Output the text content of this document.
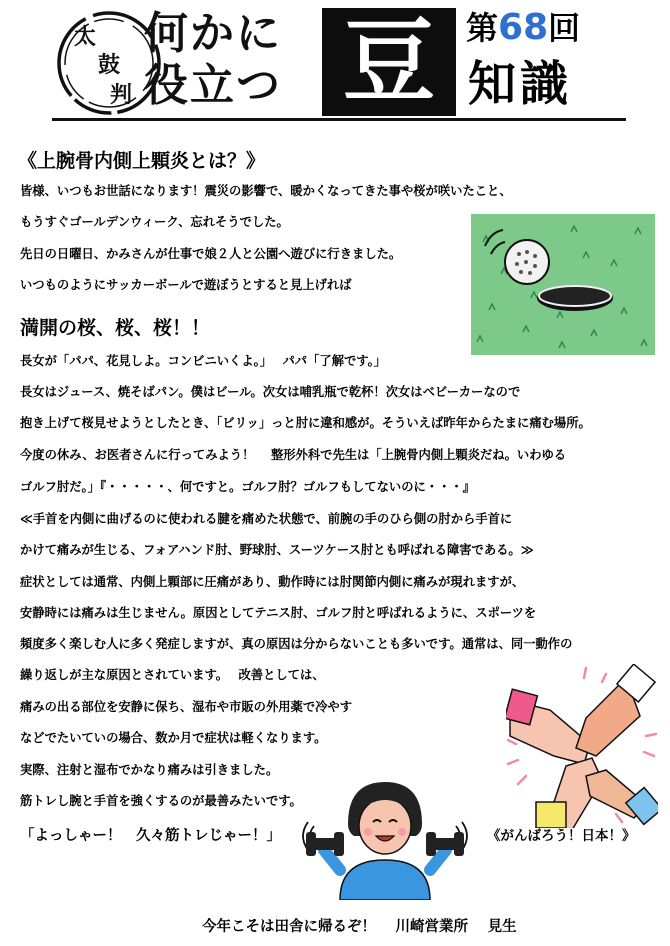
太
鼓
判
何かに
役立つ 豆 第68回
知識
《上腕骨内側上顆炎とは？》
皆様、いつもお世話になります！震災の影響で、暖かくなってきた事や桜が咲いたこと、
もうすぐゴールデンウィーク、忘れそうでした。
先日の日曜日、かみさんが仕事で娘２人と公園へ遊びに行きました。
いつものようにサッカーボールで遊ぼうとすると見上げれば
満開の桜、桜、桜！！
長女が「パパ、花見しよ。コンビニいくよ。」　 パパ「了解です。」
長女はジュース、焼そばパン。僕はビール。次女は哺乳瓶で乾杯！次女はベビーカーなので
抱き上げて桜見せようとしたとき、「ビリッ」っと肘に違和感が。そういえば昨年からたまに痛む場所。
今度の休み、お医者さんに行ってみよう！　 整形外科で先生は「上腕骨内側上顆炎だね。いわゆる
ゴルフ肘だ。」『・・・・・、何ですと。ゴルフ肘？ゴルフもしてないのに・・・』
≪手首を内側に曲げるのに使われる腱を痛めた状態で、前腕の手のひら側の肘から手首に
かけて痛みが生じる、フォアハンド肘、野球肘、スーツケース肘とも呼ばれる障害である。≫
症状としては通常、内側上顆部に圧痛があり、動作時には肘関節内側に痛みが現れますが、
安静時には痛みは生じません。原因としてテニス肘、ゴルフ肘と呼ばれるように、スポーツを
頻度多く楽しむ人に多く発症しますが、真の原因は分からないことも多いです。通常は、同一動作の
繰り返しが主な原因とされています。　 改善としては、
痛みの出る部位を安静に保ち、湿布や市販の外用薬で冷やす
などでたいていの場合、数か月で症状は軽くなります。
実際、注射と湿布でかなり痛みは引きました。
筋トレし腕と手首を強くするのが最善みたいです。
「よっしゃー！　久々筋トレじゃー！」	《がんばろう！日本！》
今年こそは田舎に帰るぞ！　 川崎営業所　 見生
